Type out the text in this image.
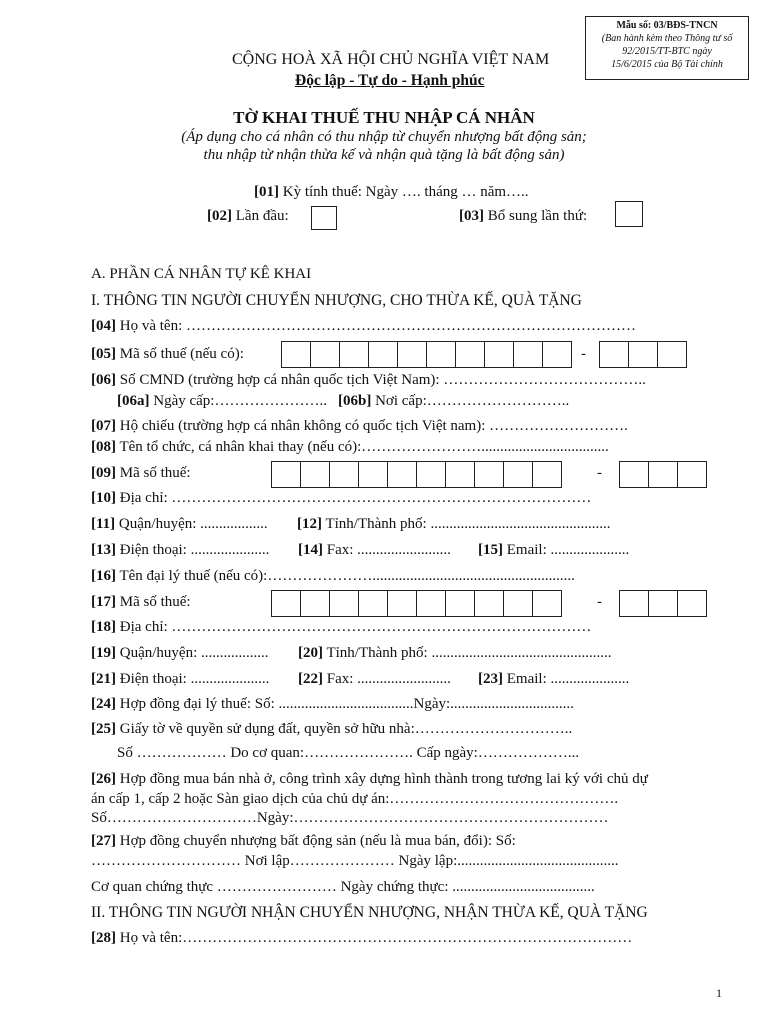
Mẫu số: 03/BĐS-TNCN
(Ban hành kèm theo Thông tư số
92/2015/TT-BTC ngày
15/6/2015 của Bộ Tài chính
CỘNG HOÀ XÃ HỘI CHỦ NGHĨA VIỆT NAM
Độc lập - Tự do - Hạnh phúc
TỜ KHAI THUẾ THU NHẬP CÁ NHÂN
(Áp dụng cho cá nhân có thu nhập từ chuyển nhượng bất động sản;
thu nhập từ nhận thừa kế và nhận quà tặng là bất động sản)
[01] Kỳ tính thuế: Ngày …. tháng … năm…..
[02] Lần đầu:	[03] Bổ sung lần thứ:
A. PHẦN CÁ NHÂN TỰ KÊ KHAI
I. THÔNG TIN NGƯỜI CHUYỂN NHƯỢNG, CHO THỪA KẾ, QUÀ TẶNG
[04] Họ và tên: ………………………………………………………………………………
[05] Mã số thuế (nếu có):	-
[06] Số CMND (trường hợp cá nhân quốc tịch Việt Nam): …………………………………..
[06a] Ngày cấp:………………….. [06b] Nơi cấp:………………………..
[07] Hộ chiếu (trường hợp cá nhân không có quốc tịch Việt nam): ……………………….
[08] Tên tổ chức, cá nhân khai thay (nếu có):……………………..................................
[09] Mã số thuế:	-
[10] Địa chỉ: …………………………………………………………………………
[11] Quận/huyện: .................. [12] Tỉnh/Thành phố: ................................................
[13] Điện thoại: ..................... [14] Fax: ......................... [15] Email: .....................
[16] Tên đại lý thuế (nếu có):…………………......................................................
[17] Mã số thuế:	-
[18] Địa chỉ: …………………………………………………………………………
[19] Quận/huyện: .................. [20] Tỉnh/Thành phố: ................................................
[21] Điện thoại: ..................... [22] Fax: ......................... [23] Email: .....................
[24] Hợp đồng đại lý thuế: Số: ....................................Ngày:.................................
[25] Giấy tờ về quyền sử dụng đất, quyền sở hữu nhà:…………………………..
Số ……………… Do cơ quan:…………………. Cấp ngày:………………...
[26] Hợp đồng mua bán nhà ở, công trình xây dựng hình thành trong tương lai ký với chủ dự
án cấp 1, cấp 2 hoặc Sàn giao dịch của chủ dự án:……………………………………….
Số…………………………Ngày:………………………………………………………
[27] Hợp đồng chuyển nhượng bất động sản (nếu là mua bán, đổi): Số:
………………………… Nơi lập………………… Ngày lập:...........................................
Cơ quan chứng thực …………………… Ngày chứng thực: ......................................
II. THÔNG TIN NGƯỜI NHẬN CHUYỂN NHƯỢNG, NHẬN THỪA KẾ, QUÀ TẶNG
[28] Họ và tên:………………………………………………………………………………
1
